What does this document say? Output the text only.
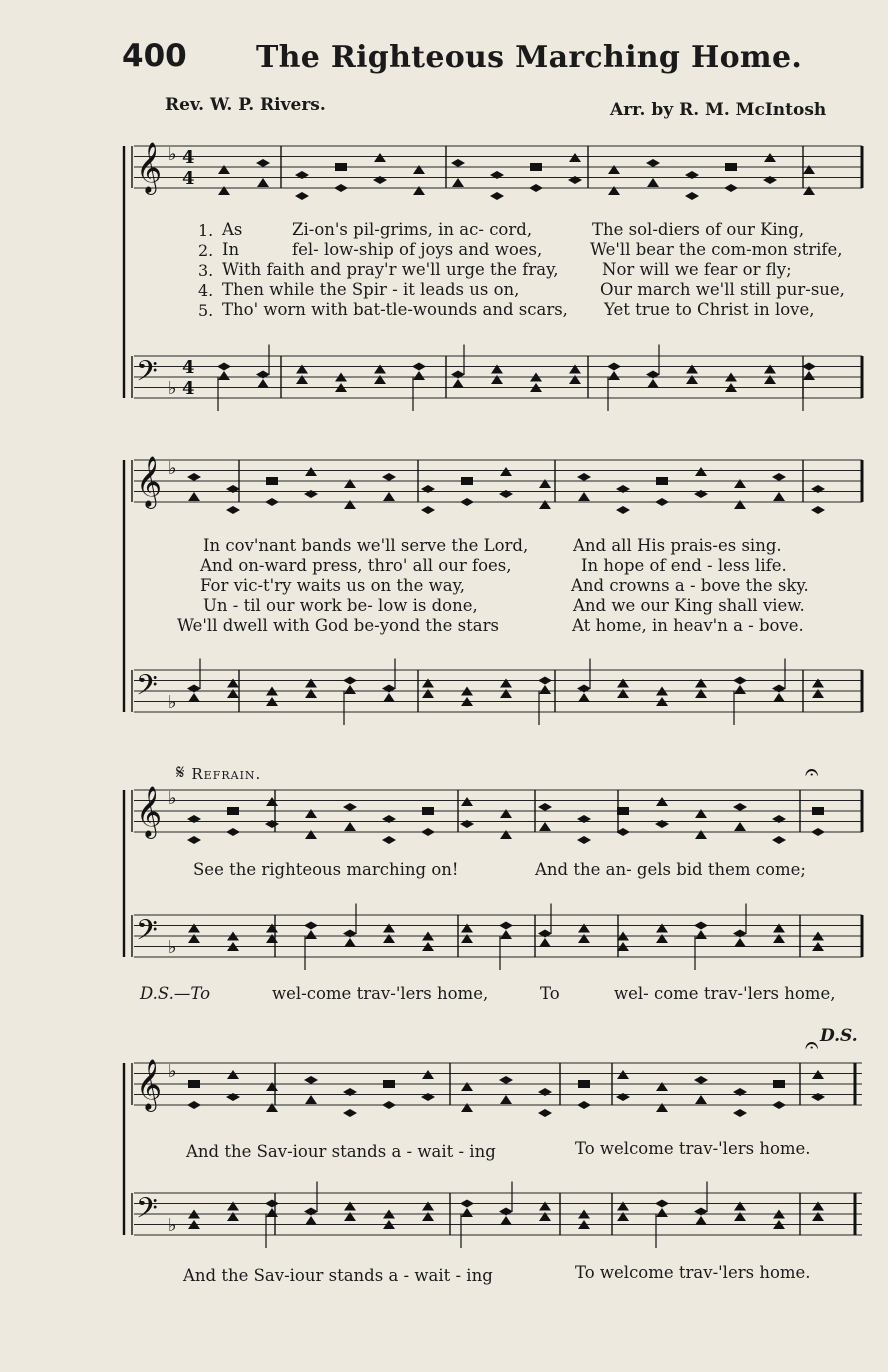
𝄞
𝄢
♭
♭
4
4
4
4
𝄞
𝄢
♭
♭
𝄞
𝄢
♭
♭
𝄞
𝄢
♭
♭
𝄐
𝄐
400 The Righteous Marching Home.
Rev. W. P. Rivers.	Arr. by R. M. McIntosh
1.
2.
3.
4.
5.
As	Zi-on's pil-grims, in ac- cord,	The sol-diers of our King,
In	fel- low-ship of joys and woes,	We'll bear the com-mon strife,
With faith and pray'r we'll urge the fray,	Nor will we fear or fly;
Then while the Spir - it leads us on,	Our march we'll still pur-sue,
Tho' worn with bat-tle-wounds and scars, Yet true to Christ in love,
In cov'nant bands we'll serve the Lord,	And all His prais-es sing.
And on-ward press, thro' all our foes,	In hope of end - less life.
For vic-t'ry waits us on the way,	And crowns a - bove the sky.
Un - til our work be- low is done,	And we our King shall view.
We'll dwell with God be-yond the stars	At home, in heav'n a - bove.
𝄋 Refrain.
See the righteous marching on!	And the an- gels bid them come;
D.S.—To	wel-come trav-'lers home,	To	wel- come trav-'lers home,
D.S.
And the Sav-iour stands a - wait - ing	To welcome trav-'lers home.
And the Sav-iour stands a - wait - ing	To welcome trav-'lers home.
